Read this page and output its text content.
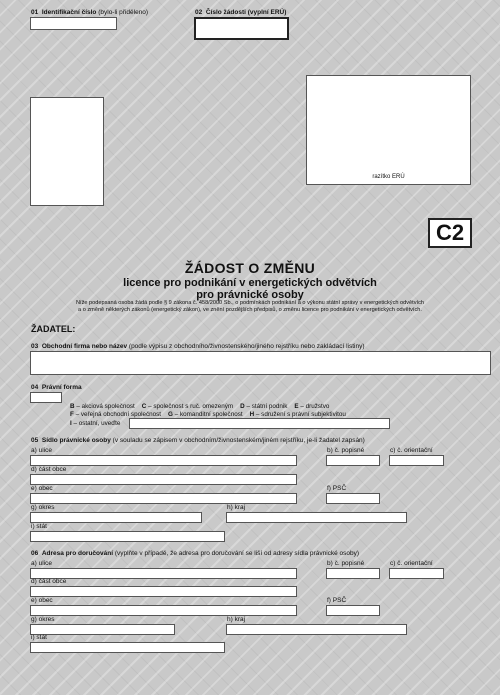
01 Identifikační číslo (bylo-li přiděleno)	02 Číslo žádosti (vyplní ERÚ)
razítko ERÚ
C2
ŽÁDOST O ZMĚNU
licence pro podnikání v energetických odvětvích
pro právnické osoby
Níže podepsaná osoba žádá podle § 9 zákona č. 458/2000 Sb., o podmínkách podnikání a o výkonu státní správy v energetických odvětvích
a o změně některých zákonů (energetický zákon), ve znění pozdějších předpisů, o změnu licence pro podnikání v energetických odvětvích.
ŽADATEL:
03 Obchodní firma nebo název (podle výpisu z obchodního/živnostenského/jiného rejstříku nebo zakládací listiny)
04 Právní forma
B – akciová společnost C – společnost s ruč. omezeným D – státní podnik E – družstvo
F – veřejná obchodní společnost G – komanditní společnost H – sdružení s právní subjektivitou
I – ostatní, uveďte
05 Sídlo právnické osoby (v souladu se zápisem v obchodním/živnostenském/jiném rejstříku, je-li žadatel zapsán)
a) ulice	b) č. popisné	c) č. orientační
d) část obce
e) obec	f) PSČ
g) okres	h) kraj
i) stát
06 Adresa pro doručování (vyplňte v případě, že adresa pro doručování se liší od adresy sídla právnické osoby)
a) ulice	b) č. popisné	c) č. orientační
d) část obce
e) obec	f) PSČ
g) okres	h) kraj
i) stát
